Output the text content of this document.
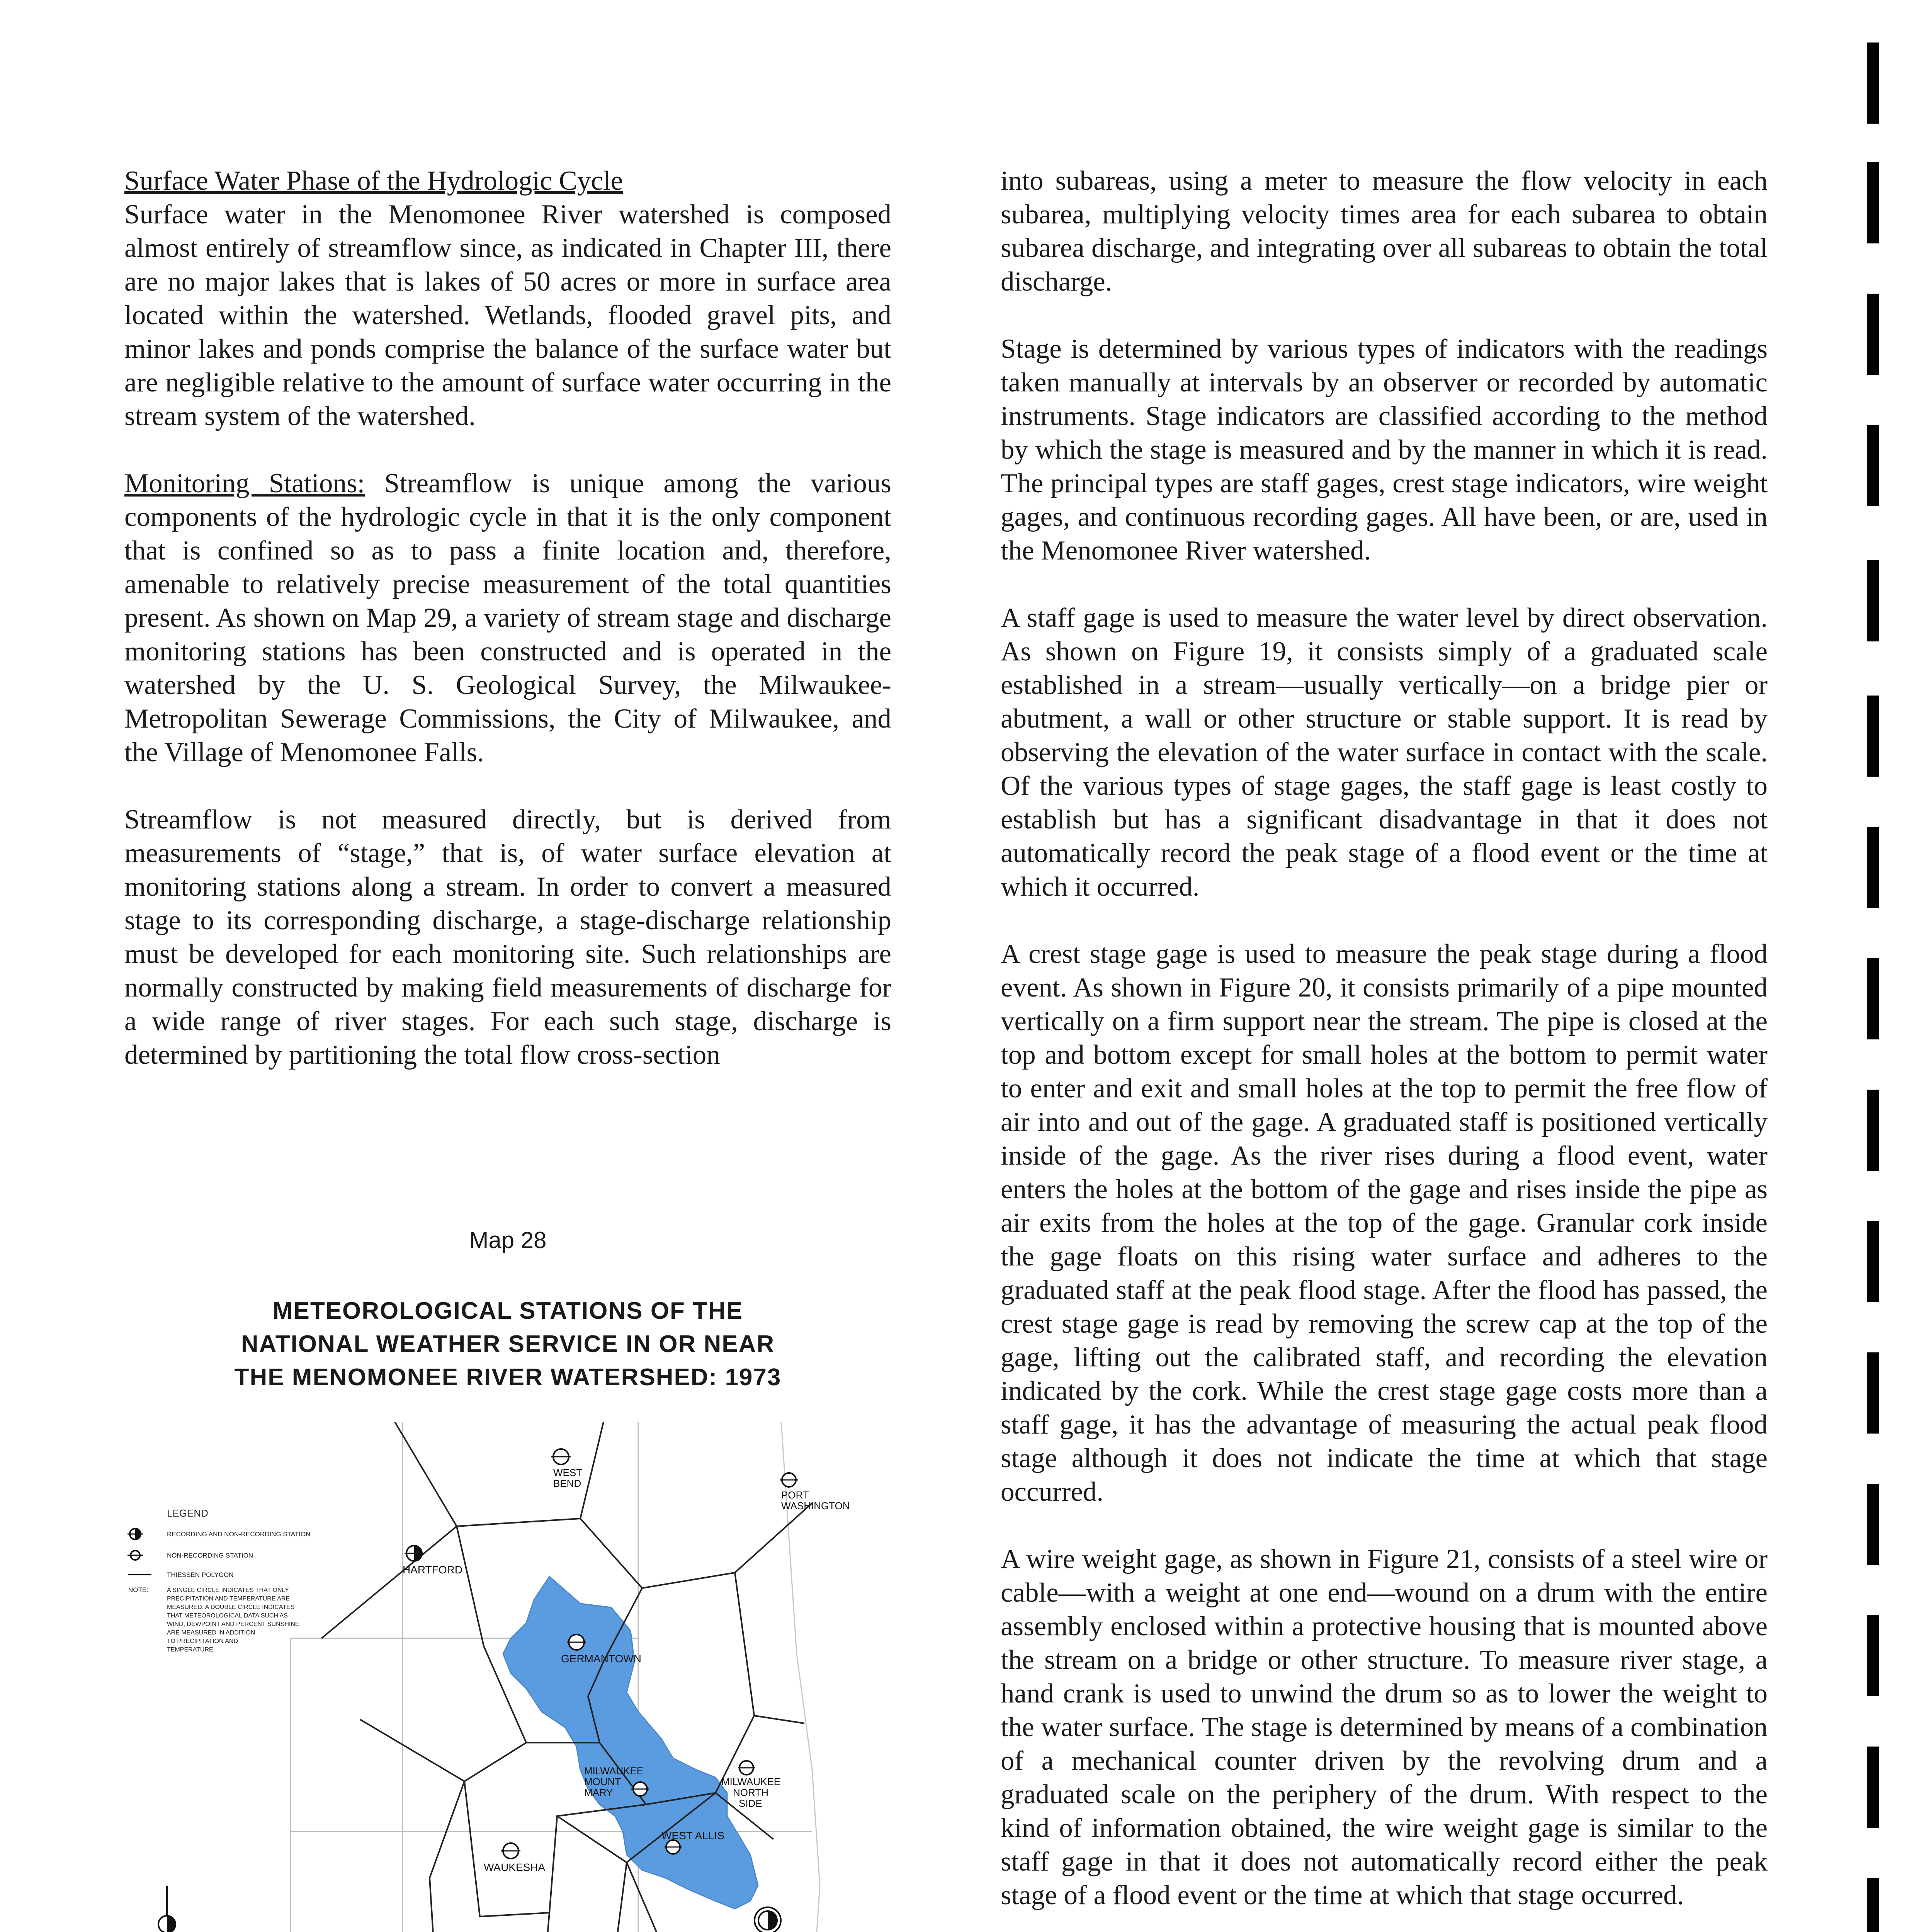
Surface Water Phase of the Hydrologic Cycle
Surface water in the Menomonee River watershed is composed almost entirely of streamflow since, as indicated in Chapter III, there are no major lakes that is lakes of 50 acres or more in surface area located within the watershed. Wetlands, flooded gravel pits, and minor lakes and ponds comprise the balance of the surface water but are negligible relative to the amount of surface water occurring in the stream system of the watershed.

Monitoring Stations: Streamflow is unique among the various components of the hydrologic cycle in that it is the only component that is confined so as to pass a finite location and, therefore, amenable to relatively precise measurement of the total quantities present. As shown on Map 29, a variety of stream stage and discharge monitoring stations has been constructed and is operated in the watershed by the U. S. Geological Survey, the Milwaukee-Metropolitan Sewerage Commissions, the City of Milwaukee, and the Village of Menomonee Falls.

Streamflow is not measured directly, but is derived from measurements of “stage,” that is, of water surface elevation at monitoring stations along a stream. In order to convert a measured stage to its corresponding discharge, a stage-discharge relationship must be developed for each monitoring site. Such relationships are normally constructed by making field measurements of discharge for a wide range of river stages. For each such stage, discharge is determined by partitioning the total flow cross-section

Map 28
METEOROLOGICAL STATIONS OF THE
NATIONAL WEATHER SERVICE IN OR NEAR
THE MENOMONEE RIVER WATERSHED: 1973
LEGEND
RECORDING AND NON-RECORDING STATION
NON-RECORDING STATION
THIESSEN POLYGON
NOTE:	A SINGLE CIRCLE INDICATES THAT ONLY
PRECIPITATION AND TEMPERATURE ARE
MEASURED. A DOUBLE CIRCLE INDICATES
THAT METEOROLOGICAL DATA SUCH AS
WIND, DEWPOINT AND PERCENT SUNSHINE
ARE MEASURED IN ADDITION
TO PRECIPITATION AND
TEMPERATURE.
WEST
BEND
PORT
WASHINGTON
HARTFORD
GERMANTOWN
MILWAUKEE
MOUNT
MARY
MILWAUKEE
NORTH
SIDE
WEST ALLIS
WAUKESHA

into subareas, using a meter to measure the flow velocity in each subarea, multiplying velocity times area for each subarea to obtain subarea discharge, and integrating over all subareas to obtain the total discharge.

Stage is determined by various types of indicators with the readings taken manually at intervals by an observer or recorded by automatic instruments. Stage indicators are classified according to the method by which the stage is measured and by the manner in which it is read. The principal types are staff gages, crest stage indicators, wire weight gages, and continuous recording gages. All have been, or are, used in the Menomonee River watershed.

A staff gage is used to measure the water level by direct observation. As shown on Figure 19, it consists simply of a graduated scale established in a stream—usually vertically—on a bridge pier or abutment, a wall or other structure or stable support. It is read by observing the elevation of the water surface in contact with the scale. Of the various types of stage gages, the staff gage is least costly to establish but has a significant disadvantage in that it does not automatically record the peak stage of a flood event or the time at which it occurred.

A crest stage gage is used to measure the peak stage during a flood event. As shown in Figure 20, it consists primarily of a pipe mounted vertically on a firm support near the stream. The pipe is closed at the top and bottom except for small holes at the bottom to permit water to enter and exit and small holes at the top to permit the free flow of air into and out of the gage. A graduated staff is positioned vertically inside of the gage. As the river rises during a flood event, water enters the holes at the bottom of the gage and rises inside the pipe as air exits from the holes at the top of the gage. Granular cork inside the gage floats on this rising water surface and adheres to the graduated staff at the peak flood stage. After the flood has passed, the crest stage gage is read by removing the screw cap at the top of the gage, lifting out the calibrated staff, and recording the elevation indicated by the cork. While the crest stage gage costs more than a staff gage, it has the advantage of measuring the actual peak flood stage although it does not indicate the time at which that stage occurred.

A wire weight gage, as shown in Figure 21, consists of a steel wire or cable—with a weight at one end—wound on a drum with the entire assembly enclosed within a protective housing that is mounted above the stream on a bridge or other structure. To measure river stage, a hand crank is used to unwind the drum so as to lower the weight to the water surface. The stage is determined by means of a combination of a mechanical counter driven by the revolving drum and a graduated scale on the periphery of the drum. With respect to the kind of information obtained, the wire weight gage is similar to the staff gage in that it does not automatically record either the peak stage of a flood event or the time at which that stage occurred.
